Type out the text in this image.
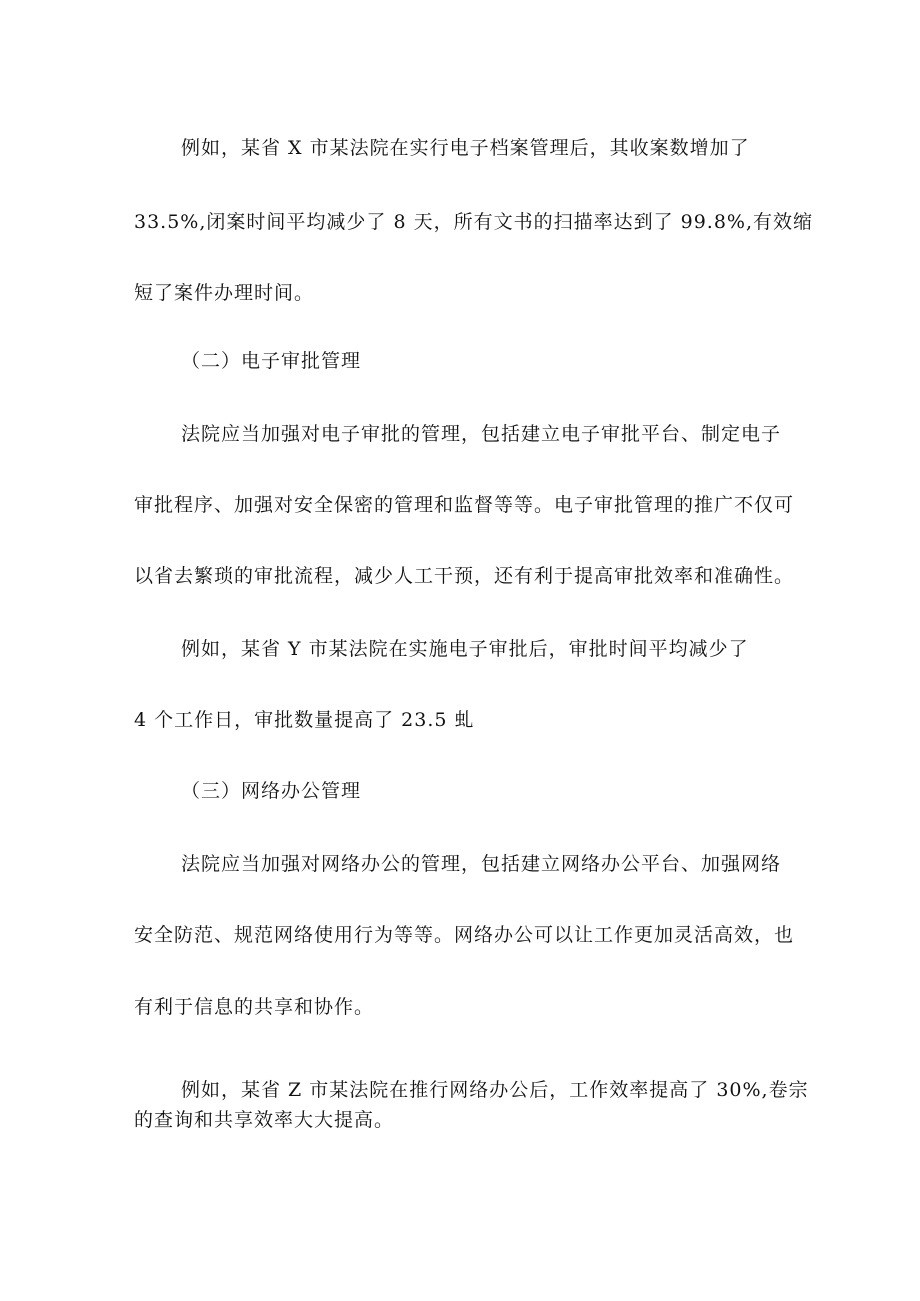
例如，某省 X 市某法院在实行电子档案管理后，其收案数增加了

33.5%,闭案时间平均减少了 8 天，所有文书的扫描率达到了 99.8%,有效缩

短了案件办理时间。

（二）电子审批管理

法院应当加强对电子审批的管理，包括建立电子审批平台、制定电子

审批程序、加强对安全保密的管理和监督等等。电子审批管理的推广不仅可

以省去繁琐的审批流程，减少人工干预，还有利于提高审批效率和准确性。

例如，某省 Y 市某法院在实施电子审批后，审批时间平均减少了

4 个工作日，审批数量提高了 23.5 虬

（三）网络办公管理

法院应当加强对网络办公的管理，包括建立网络办公平台、加强网络

安全防范、规范网络使用行为等等。网络办公可以让工作更加灵活高效，也

有利于信息的共享和协作。

例如，某省 Z 市某法院在推行网络办公后，工作效率提高了 30%,卷宗

的查询和共享效率大大提高。
